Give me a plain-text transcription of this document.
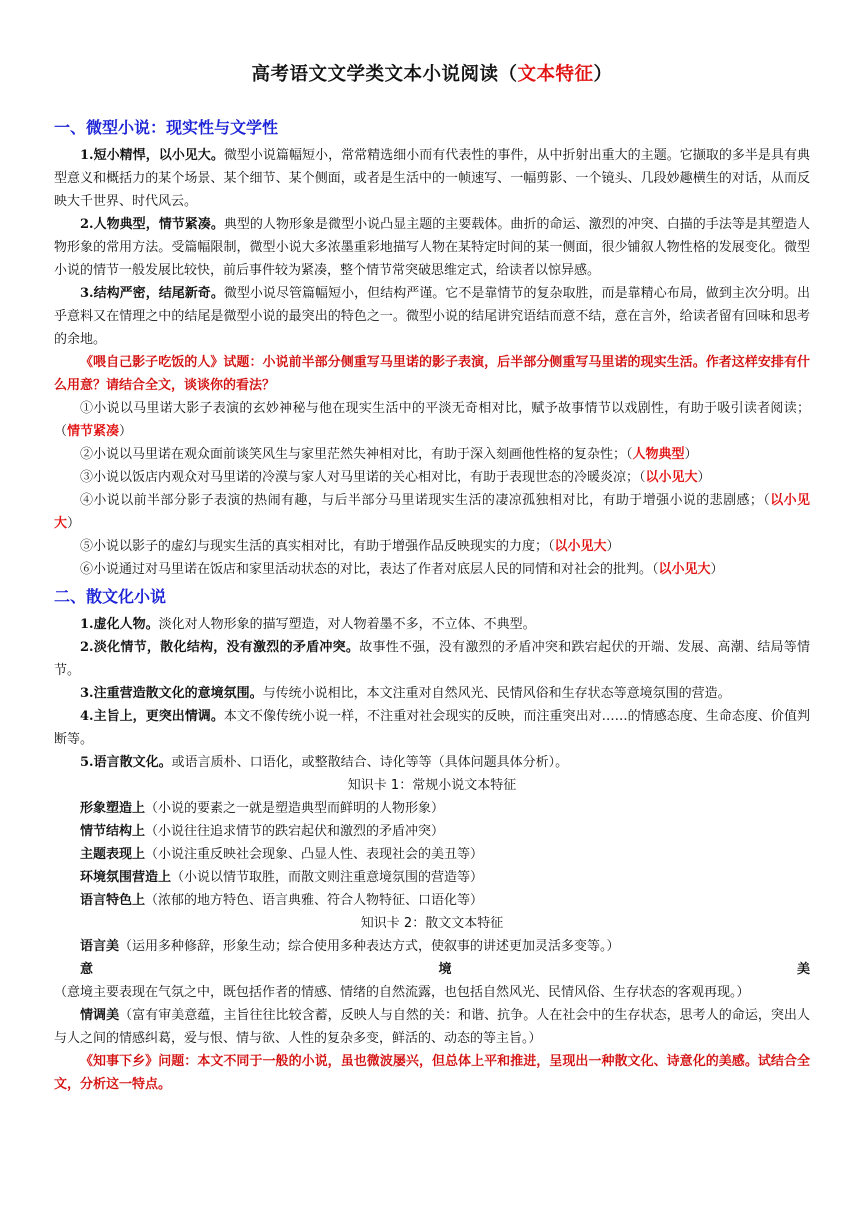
高考语文文学类文本小说阅读（文本特征）
一、微型小说：现实性与文学性

1.短小精悍，以小见大。微型小说篇幅短小，常常精选细小而有代表性的事件，从中折射出重大的主题。它撷取的多半是具有典型意义和概括力的某个场景、某个细节、某个侧面，或者是生活中的一帧速写、一幅剪影、一个镜头、几段妙趣横生的对话，从而反映大千世界、时代风云。

2.人物典型，情节紧凑。典型的人物形象是微型小说凸显主题的主要载体。曲折的命运、激烈的冲突、白描的手法等是其塑造人物形象的常用方法。受篇幅限制，微型小说大多浓墨重彩地描写人物在某特定时间的某一侧面，很少铺叙人物性格的发展变化。微型小说的情节一般发展比较快，前后事件较为紧凑，整个情节常突破思维定式，给读者以惊异感。

3.结构严密，结尾新奇。微型小说尽管篇幅短小，但结构严谨。它不是靠情节的复杂取胜，而是靠精心布局，做到主次分明。出乎意料又在情理之中的结尾是微型小说的最突出的特色之一。微型小说的结尾讲究语结而意不结，意在言外，给读者留有回味和思考的余地。

《喂自己影子吃饭的人》试题：小说前半部分侧重写马里诺的影子表演，后半部分侧重写马里诺的现实生活。作者这样安排有什么用意？请结合全文，谈谈你的看法？

①小说以马里诺大影子表演的玄妙神秘与他在现实生活中的平淡无奇相对比，赋予故事情节以戏剧性，有助于吸引读者阅读；（情节紧凑）

②小说以马里诺在观众面前谈笑风生与家里茫然失神相对比，有助于深入刻画他性格的复杂性；（人物典型）

③小说以饭店内观众对马里诺的冷漠与家人对马里诺的关心相对比，有助于表现世态的冷暖炎凉；（以小见大）

④小说以前半部分影子表演的热闹有趣，与后半部分马里诺现实生活的凄凉孤独相对比，有助于增强小说的悲剧感；（以小见大）

⑤小说以影子的虚幻与现实生活的真实相对比，有助于增强作品反映现实的力度；（以小见大）

⑥小说通过对马里诺在饭店和家里活动状态的对比，表达了作者对底层人民的同情和对社会的批判。（以小见大）

二、散文化小说

1.虚化人物。淡化对人物形象的描写塑造，对人物着墨不多，不立体、不典型。

2.淡化情节，散化结构，没有激烈的矛盾冲突。故事性不强，没有激烈的矛盾冲突和跌宕起伏的开端、发展、高潮、结局等情节。

3.注重营造散文化的意境氛围。与传统小说相比，本文注重对自然风光、民情风俗和生存状态等意境氛围的营造。

4.主旨上，更突出情调。本文不像传统小说一样，不注重对社会现实的反映，而注重突出对……的情感态度、生命态度、价值判断等。

5.语言散文化。或语言质朴、口语化，或整散结合、诗化等等（具体问题具体分析）。

知识卡 1：常规小说文本特征

形象塑造上（小说的要素之一就是塑造典型而鲜明的人物形象）

情节结构上（小说往往追求情节的跌宕起伏和激烈的矛盾冲突）

主题表现上（小说注重反映社会现象、凸显人性、表现社会的美丑等）

环境氛围营造上（小说以情节取胜，而散文则注重意境氛围的营造等）

语言特色上（浓郁的地方特色、语言典雅、符合人物特征、口语化等）

知识卡 2：散文文本特征

语言美（运用多种修辞，形象生动；综合使用多种表达方式，使叙事的讲述更加灵活多变等。）

意境美（意境主要表现在气氛之中，既包括作者的情感、情绪的自然流露，也包括自然风光、民情风俗、生存状态的客观再现。）

情调美（富有审美意蕴，主旨往往比较含蓄，反映人与自然的关：和谐、抗争。人在社会中的生存状态，思考人的命运，突出人与人之间的情感纠葛，爱与恨、情与欲、人性的复杂多变，鲜活的、动态的等主旨。）

《知事下乡》问题：本文不同于一般的小说，虽也微波屡兴，但总体上平和推进，呈现出一种散文化、诗意化的美感。试结合全文，分析这一特点。
